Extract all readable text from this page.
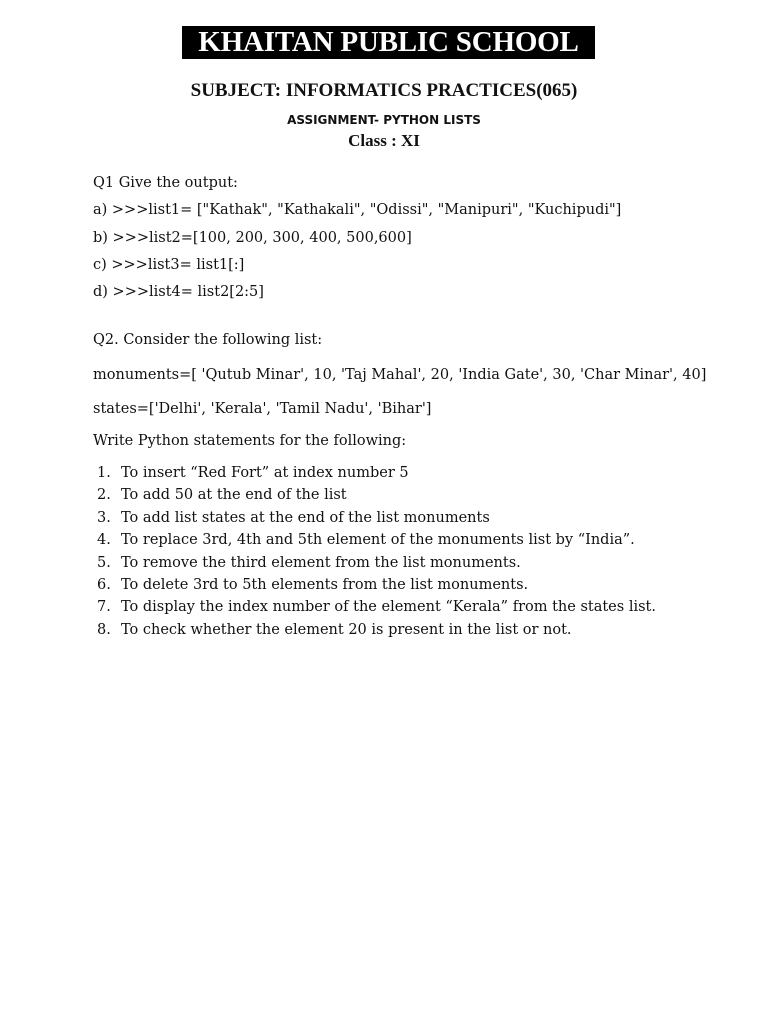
KHAITAN PUBLIC SCHOOL
SUBJECT: INFORMATICS PRACTICES(065)
ASSIGNMENT- PYTHON LISTS
Class : XI
Q1 Give the output:
a) >>>list1= ["Kathak", "Kathakali", "Odissi", "Manipuri", "Kuchipudi"]
b) >>>list2=[100, 200, 300, 400, 500,600]
c) >>>list3= list1[:]
d) >>>list4= list2[2:5]
Q2. Consider the following list:
monuments=[ 'Qutub Minar', 10, 'Taj Mahal', 20, 'India Gate', 30, 'Char Minar', 40]
states=['Delhi', 'Kerala', 'Tamil Nadu', 'Bihar']
Write Python statements for the following:
1. To insert “Red Fort” at index number 5
2. To add 50 at the end of the list
3. To add list states at the end of the list monuments
4. To replace 3rd, 4th and 5th element of the monuments list by “India”.
5. To remove the third element from the list monuments.
6. To delete 3rd to 5th elements from the list monuments.
7. To display the index number of the element “Kerala” from the states list.
8. To check whether the element 20 is present in the list or not.
